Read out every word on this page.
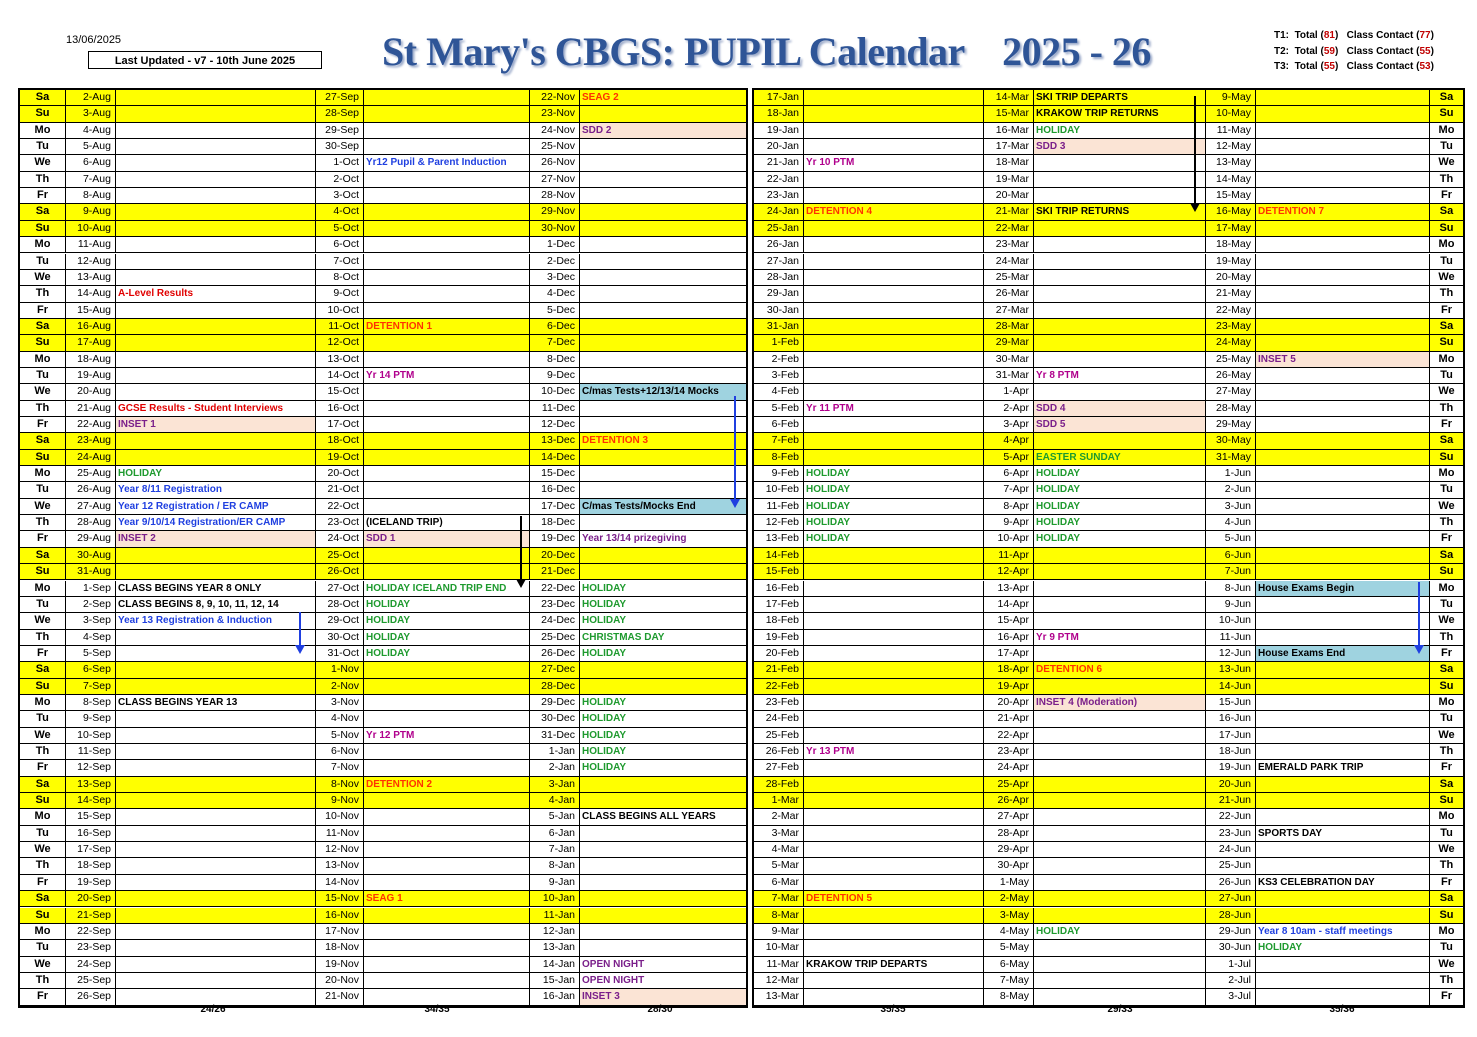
13/06/2025
Last Updated - v7 - 10th June 2025	St Mary's CBGS: PUPIL Calendar    2025 - 26	T1:  Total (81) Class Contact (77)
T2:  Total (59) Class Contact (55)
T3:  Total (55) Class Contact (53)
Sa	2-Aug	27-Sep	22-Nov SEAG 2
Su	3-Aug	28-Sep	23-Nov
Mo	4-Aug	29-Sep	24-Nov SDD 2
Tu	5-Aug	30-Sep	25-Nov
We	6-Aug	1-Oct Yr12 Pupil & Parent Induction	26-Nov
Th	7-Aug	2-Oct	27-Nov
Fr	8-Aug	3-Oct	28-Nov
Sa	9-Aug	4-Oct	29-Nov
Su	10-Aug	5-Oct	30-Nov
Mo	11-Aug	6-Oct	1-Dec
Tu	12-Aug	7-Oct	2-Dec
We	13-Aug	8-Oct	3-Dec
Th	14-Aug A-Level Results	9-Oct	4-Dec
Fr	15-Aug	10-Oct	5-Dec
Sa	16-Aug	11-Oct DETENTION 1	6-Dec
Su	17-Aug	12-Oct	7-Dec
Mo	18-Aug	13-Oct	8-Dec
Tu	19-Aug	14-Oct Yr 14 PTM	9-Dec
We	20-Aug	15-Oct	10-Dec C/mas Tests+12/13/14 Mocks
Th	21-Aug GCSE Results - Student Interviews	16-Oct	11-Dec
Fr	22-Aug INSET 1	17-Oct	12-Dec
Sa	23-Aug	18-Oct	13-Dec DETENTION 3
Su	24-Aug	19-Oct	14-Dec
Mo	25-Aug HOLIDAY	20-Oct	15-Dec
Tu	26-Aug Year 8/11 Registration	21-Oct	16-Dec
We	27-Aug Year 12 Registration / ER CAMP	22-Oct	17-Dec C/mas Tests/Mocks End
Th	28-Aug Year 9/10/14 Registration/ER CAMP	23-Oct (ICELAND TRIP)	18-Dec
Fr	29-Aug INSET 2	24-Oct SDD 1	19-Dec Year 13/14 prizegiving
Sa	30-Aug	25-Oct	20-Dec
Su	31-Aug	26-Oct	21-Dec
Mo	1-Sep CLASS BEGINS YEAR 8 ONLY	27-Oct HOLIDAY ICELAND TRIP END	22-Dec HOLIDAY
Tu	2-Sep CLASS BEGINS 8, 9, 10, 11, 12, 14	28-Oct HOLIDAY	23-Dec HOLIDAY
We	3-Sep Year 13 Registration & Induction	29-Oct HOLIDAY	24-Dec HOLIDAY
Th	4-Sep	30-Oct HOLIDAY	25-Dec CHRISTMAS DAY
Fr	5-Sep	31-Oct HOLIDAY	26-Dec HOLIDAY
Sa	6-Sep	1-Nov	27-Dec
Su	7-Sep	2-Nov	28-Dec
Mo	8-Sep CLASS BEGINS YEAR 13	3-Nov	29-Dec HOLIDAY
Tu	9-Sep	4-Nov	30-Dec HOLIDAY
We	10-Sep	5-Nov Yr 12 PTM	31-Dec HOLIDAY
Th	11-Sep	6-Nov	1-Jan HOLIDAY
Fr	12-Sep	7-Nov	2-Jan HOLIDAY
Sa	13-Sep	8-Nov DETENTION 2	3-Jan
Su	14-Sep	9-Nov	4-Jan
Mo	15-Sep	10-Nov	5-Jan CLASS BEGINS ALL YEARS
Tu	16-Sep	11-Nov	6-Jan
We	17-Sep	12-Nov	7-Jan
Th	18-Sep	13-Nov	8-Jan
Fr	19-Sep	14-Nov	9-Jan
Sa	20-Sep	15-Nov SEAG 1	10-Jan
Su	21-Sep	16-Nov	11-Jan
Mo	22-Sep	17-Nov	12-Jan
Tu	23-Sep	18-Nov	13-Jan
We	24-Sep	19-Nov	14-Jan OPEN NIGHT
Th	25-Sep	20-Nov	15-Jan OPEN NIGHT
Fr	26-Sep	21-Nov	16-Jan INSET 3
17-Jan	14-Mar SKI TRIP DEPARTS	9-May	Sa
18-Jan	15-Mar KRAKOW TRIP RETURNS	10-May	Su
19-Jan	16-Mar HOLIDAY	11-May	Mo
20-Jan	17-Mar SDD 3	12-May	Tu
21-Jan Yr 10 PTM	18-Mar	13-May	We
22-Jan	19-Mar	14-May	Th
23-Jan	20-Mar	15-May	Fr
24-Jan DETENTION 4	21-Mar SKI TRIP RETURNS	16-May DETENTION 7	Sa
25-Jan	22-Mar	17-May	Su
26-Jan	23-Mar	18-May	Mo
27-Jan	24-Mar	19-May	Tu
28-Jan	25-Mar	20-May	We
29-Jan	26-Mar	21-May	Th
30-Jan	27-Mar	22-May	Fr
31-Jan	28-Mar	23-May	Sa
1-Feb	29-Mar	24-May	Su
2-Feb	30-Mar	25-May INSET 5	Mo
3-Feb	31-Mar Yr 8 PTM	26-May	Tu
4-Feb	1-Apr	27-May	We
5-Feb Yr 11 PTM	2-Apr SDD 4	28-May	Th
6-Feb	3-Apr SDD 5	29-May	Fr
7-Feb	4-Apr	30-May	Sa
8-Feb	5-Apr EASTER SUNDAY	31-May	Su
9-Feb HOLIDAY	6-Apr HOLIDAY	1-Jun	Mo
10-Feb HOLIDAY	7-Apr HOLIDAY	2-Jun	Tu
11-Feb HOLIDAY	8-Apr HOLIDAY	3-Jun	We
12-Feb HOLIDAY	9-Apr HOLIDAY	4-Jun	Th
13-Feb HOLIDAY	10-Apr HOLIDAY	5-Jun	Fr
14-Feb	11-Apr	6-Jun	Sa
15-Feb	12-Apr	7-Jun	Su
16-Feb	13-Apr	8-Jun House Exams Begin	Mo
17-Feb	14-Apr	9-Jun	Tu
18-Feb	15-Apr	10-Jun	We
19-Feb	16-Apr Yr 9 PTM	11-Jun	Th
20-Feb	17-Apr	12-Jun House Exams End	Fr
21-Feb	18-Apr DETENTION 6	13-Jun	Sa
22-Feb	19-Apr	14-Jun	Su
23-Feb	20-Apr INSET 4 (Moderation)	15-Jun	Mo
24-Feb	21-Apr	16-Jun	Tu
25-Feb	22-Apr	17-Jun	We
26-Feb Yr 13 PTM	23-Apr	18-Jun	Th
27-Feb	24-Apr	19-Jun EMERALD PARK TRIP	Fr
28-Feb	25-Apr	20-Jun	Sa
1-Mar	26-Apr	21-Jun	Su
2-Mar	27-Apr	22-Jun	Mo
3-Mar	28-Apr	23-Jun SPORTS DAY	Tu
4-Mar	29-Apr	24-Jun	We
5-Mar	30-Apr	25-Jun	Th
6-Mar	1-May	26-Jun KS3 CELEBRATION DAY	Fr
7-Mar DETENTION 5	2-May	27-Jun	Sa
8-Mar	3-May	28-Jun	Su
9-Mar	4-May HOLIDAY	29-Jun Year 8 10am - staff meetings	Mo
10-Mar	5-May	30-Jun HOLIDAY	Tu
11-Mar KRAKOW TRIP DEPARTS	6-May	1-Jul	We
12-Mar	7-May	2-Jul	Th
13-Mar	8-May	3-Jul	Fr
24/26	34/35	28/30	35/35	29/33	35/36
